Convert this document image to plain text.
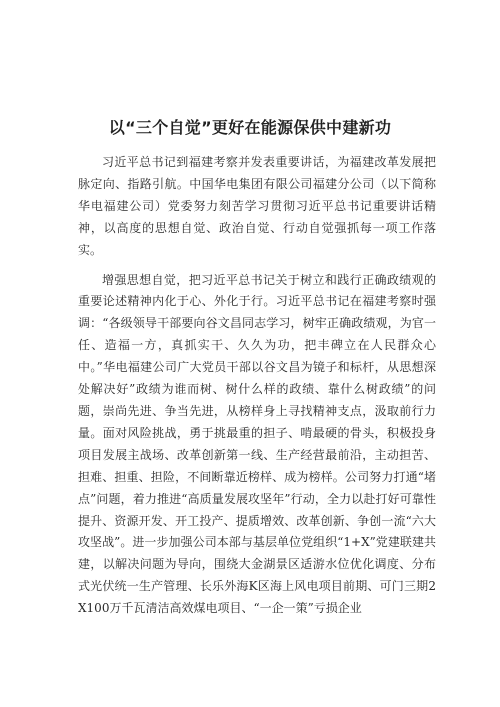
以“三个自觉”更好在能源保供中建新功

习近平总书记到福建考察并发表重要讲话，为福建改革发展把脉定向、指路引航。中国华电集团有限公司福建分公司（以下简称华电福建公司）党委努力刻苦学习贯彻习近平总书记重要讲话精神，以高度的思想自觉、政治自觉、行动自觉强抓每一项工作落实。

增强思想自觉，把习近平总书记关于树立和践行正确政绩观的重要论述精神内化于心、外化于行。习近平总书记在福建考察时强调：“各级领导干部要向谷文昌同志学习，树牢正确政绩观，为官一任、造福一方，真抓实干、久久为功，把丰碑立在人民群众心中。”华电福建公司广大党员干部以谷文昌为镜子和标杆，从思想深处解决好”政绩为谁而树、树什么样的政绩、靠什么树政绩”的问题，崇尚先进、争当先进，从榜样身上寻找精神支点，汲取前行力量。面对风险挑战，勇于挑最重的担子、啃最硬的骨头，积极投身项目发展主战场、改革创新第一线、生产经营最前沿，主动担苦、担难、担重、担险，不间断靠近榜样、成为榜样。公司努力打通“堵点”问题，着力推进“高质量发展攻坚年”行动，全力以赴打好可靠性提升、资源开发、开工投产、提质增效、改革创新、争创一流“六大攻坚战”。进一步加强公司本部与基层单位党组织“1+X”党建联建共建，以解决问题为导向，围绕大金湖景区适游水位优化调度、分布式光伏统一生产管理、长乐外海K区海上风电项目前期、可门三期2X100万千瓦清洁高效煤电项目、“一企一策”亏损企业
